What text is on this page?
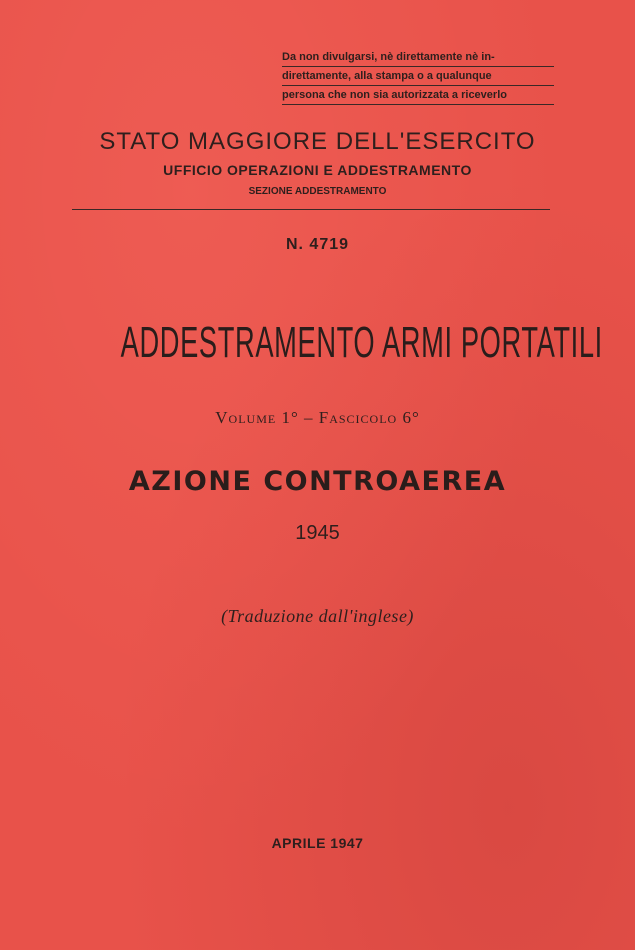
Da non divulgarsi, nè direttamente nè in-
direttamente, alla stampa o a qualunque
persona che non sia autorizzata a riceverlo
STATO MAGGIORE DELL'ESERCITO
UFFICIO OPERAZIONI E ADDESTRAMENTO
SEZIONE ADDESTRAMENTO
N. 4719
ADDESTRAMENTO ARMI PORTATILI
Volume 1° – Fascicolo 6°
AZIONE CONTROAEREA
1945
(Traduzione dall'inglese)
APRILE 1947
